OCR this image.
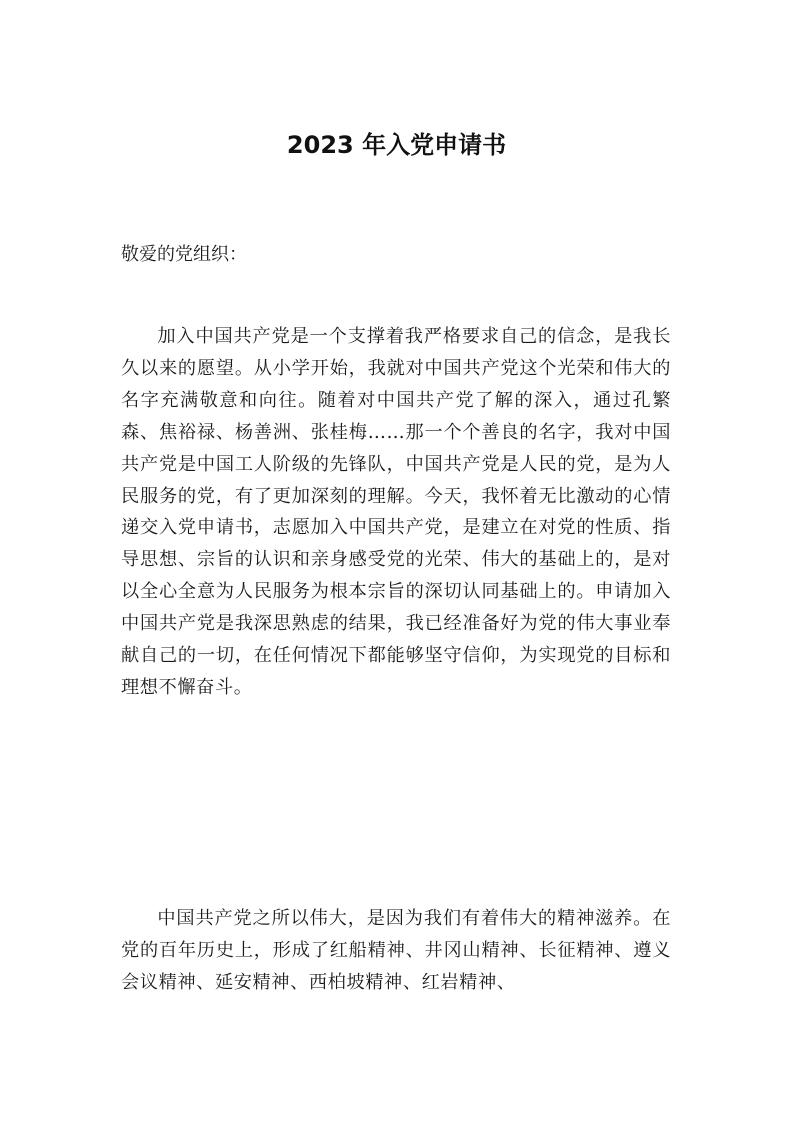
2023 年入党申请书

敬爱的党组织：

加入中国共产党是一个支撑着我严格要求自己的信念，是我长久以来的愿望。从小学开始，我就对中国共产党这个光荣和伟大的名字充满敬意和向往。随着对中国共产党了解的深入，通过孔繁森、焦裕禄、杨善洲、张桂梅……那一个个善良的名字，我对中国共产党是中国工人阶级的先锋队，中国共产党是人民的党，是为人民服务的党，有了更加深刻的理解。今天，我怀着无比激动的心情递交入党申请书，志愿加入中国共产党，是建立在对党的性质、指导思想、宗旨的认识和亲身感受党的光荣、伟大的基础上的，是对以全心全意为人民服务为根本宗旨的深切认同基础上的。申请加入中国共产党是我深思熟虑的结果，我已经准备好为党的伟大事业奉献自己的一切，在任何情况下都能够坚守信仰，为实现党的目标和理想不懈奋斗。

中国共产党之所以伟大，是因为我们有着伟大的精神滋养。在党的百年历史上，形成了红船精神、井冈山精神、长征精神、遵义会议精神、延安精神、西柏坡精神、红岩精神、
